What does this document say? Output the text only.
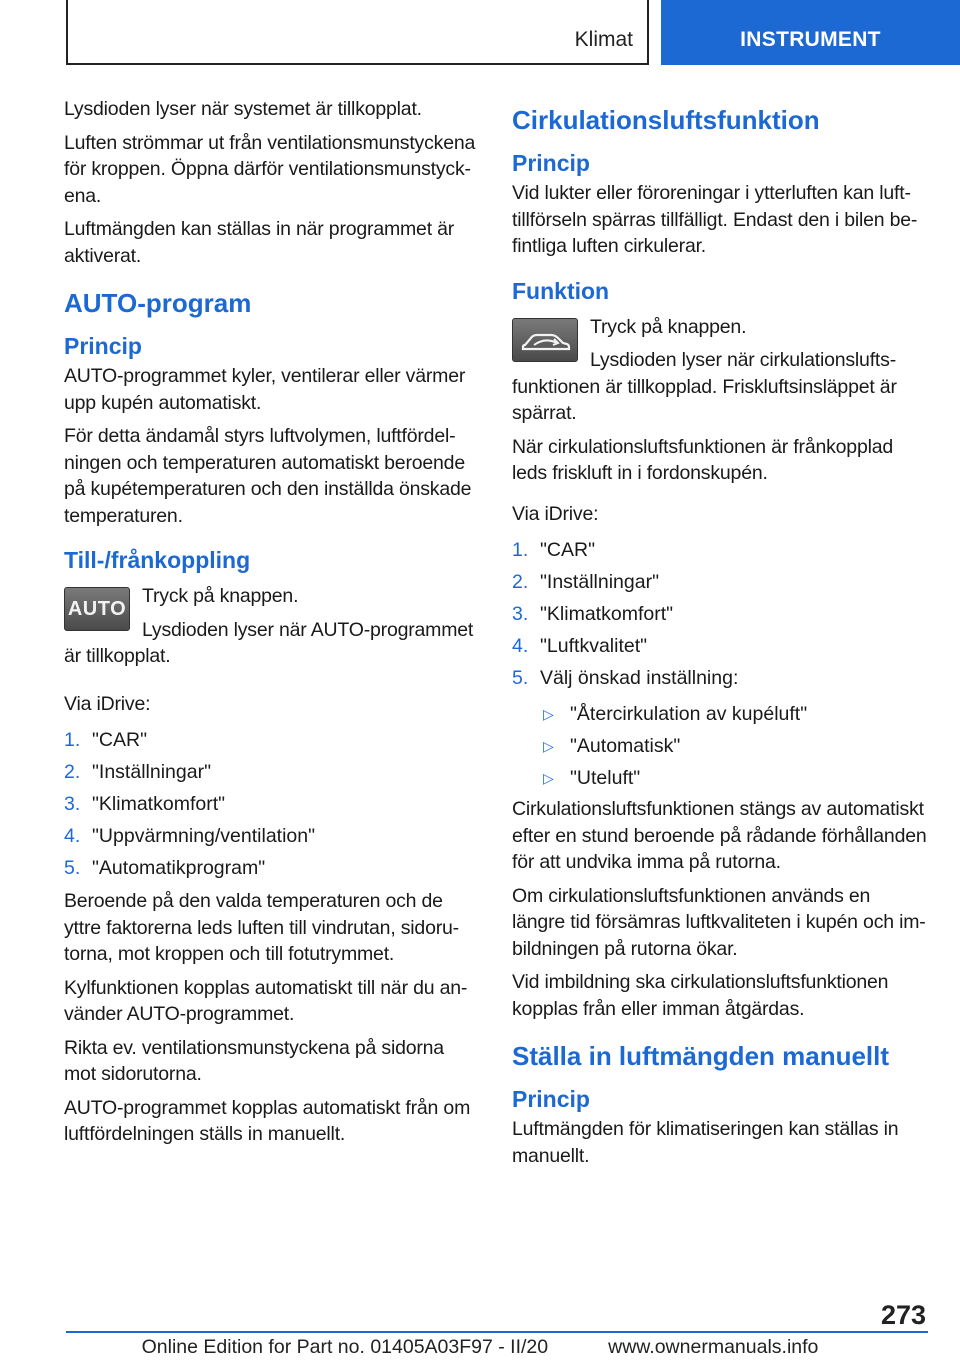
Klimat	INSTRUMENT

Lysdioden lyser när systemet är tillkopplat.

Luften strömmar ut från ventilationsmunstyckena för kroppen. Öppna därför ventilationsmunstyckena.

Luftmängden kan ställas in när programmet är aktiverat.

AUTO-program
Princip

AUTO-programmet kyler, ventilerar eller värmer upp kupén automatiskt.

För detta ändamål styrs luftvolymen, luftfördelningen och temperaturen automatiskt beroende på kupétemperaturen och den inställda önskade temperaturen.

Till-/frånkoppling
AUTO

Tryck på knappen.

Lysdioden lyser när AUTO-programmet är tillkopplat.

Via iDrive:

1. "CAR"
2. "Inställningar"
3. "Klimatkomfort"
4. "Uppvärmning/ventilation"
5. "Automatikprogram"

Beroende på den valda temperaturen och de yttre faktorerna leds luften till vindrutan, sidorutorna, mot kroppen och till fotutrymmet.

Kylfunktionen kopplas automatiskt till när du använder AUTO-programmet.

Rikta ev. ventilationsmunstyckena på sidorna mot sidorutorna.

AUTO-programmet kopplas automatiskt från om luftfördelningen ställs in manuellt.

Cirkulationsluftsfunktion
Princip

Vid lukter eller föroreningar i ytterluften kan lufttillförseln spärras tillfälligt. Endast den i bilen befintliga luften cirkulerar.

Funktion

Tryck på knappen.

Lysdioden lyser när cirkulationsluftsfunktionen är tillkopplad. Friskluftsinsläppet är spärrat.

När cirkulationsluftsfunktionen är frånkopplad leds friskluft in i fordonskupén.

Via iDrive:

1. "CAR"
2. "Inställningar"
3. "Klimatkomfort"
4. "Luftkvalitet"
5. Välj önskad inställning:
▷ "Återcirkulation av kupéluft"
▷ "Automatisk"
▷ "Uteluft"

Cirkulationsluftsfunktionen stängs av automatiskt efter en stund beroende på rådande förhållanden för att undvika imma på rutorna.

Om cirkulationsluftsfunktionen används en längre tid försämras luftkvaliteten i kupén och imbildningen på rutorna ökar.

Vid imbildning ska cirkulationsluftsfunktionen kopplas från eller imman åtgärdas.

Ställa in luftmängden manuellt
Princip

Luftmängden för klimatiseringen kan ställas in manuellt.

273
Online Edition for Part no. 01405A03F97 - II/20	www.ownermanuals.info
